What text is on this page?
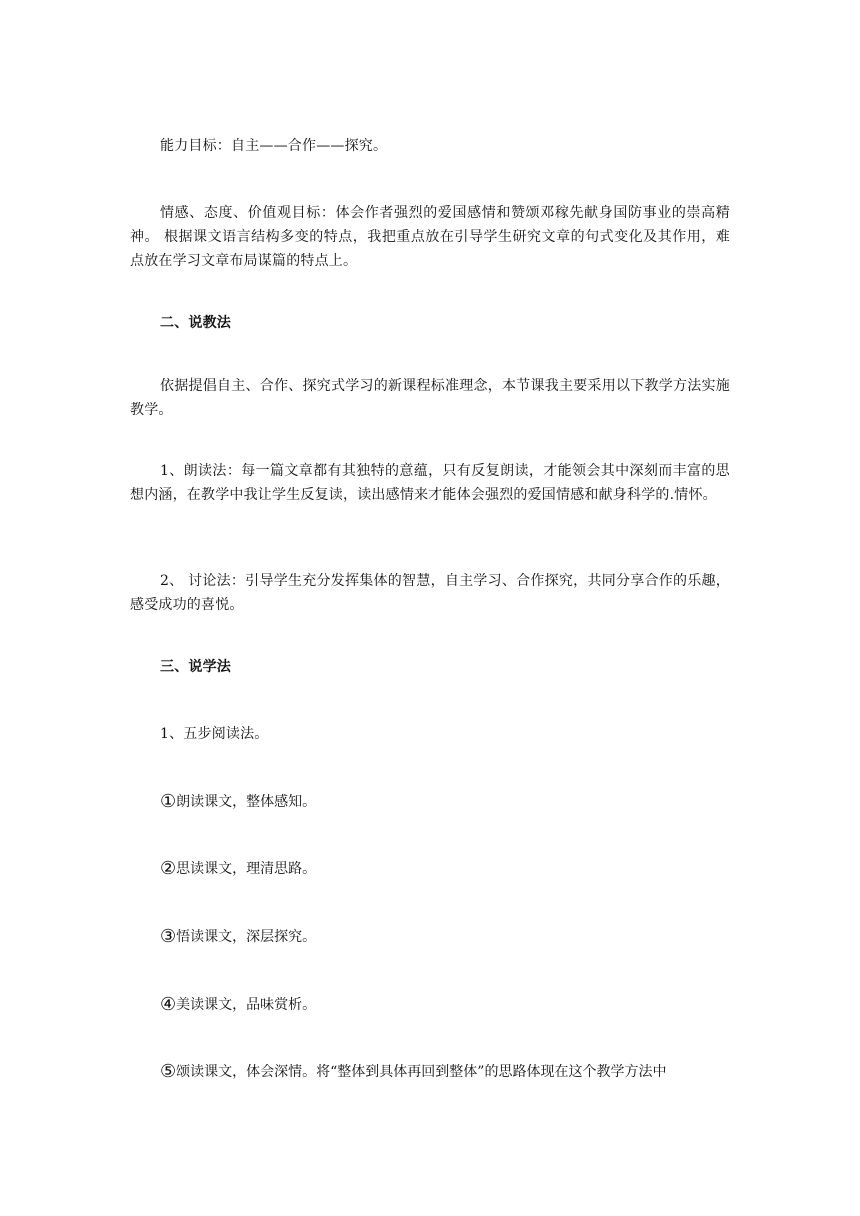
能力目标：自主——合作——探究。

情感、态度、价值观目标：体会作者强烈的爱国感情和赞颂邓稼先献身国防事业的崇高精神。 根据课文语言结构多变的特点，我把重点放在引导学生研究文章的句式变化及其作用，难点放在学习文章布局谋篇的特点上。

二、说教法

依据提倡自主、合作、探究式学习的新课程标准理念，本节课我主要采用以下教学方法实施教学。

1、朗读法：每一篇文章都有其独特的意蕴，只有反复朗读，才能领会其中深刻而丰富的思想内涵，在教学中我让学生反复读，读出感情来才能体会强烈的爱国情感和献身科学的.情怀。

2、 讨论法：引导学生充分发挥集体的智慧，自主学习、合作探究，共同分享合作的乐趣，感受成功的喜悦。

三、说学法

1、五步阅读法。

①朗读课文，整体感知。

②思读课文，理清思路。

③悟读课文，深层探究。

④美读课文，品味赏析。

⑤颂读课文，体会深情。将“整体到具体再回到整体”的思路体现在这个教学方法中
